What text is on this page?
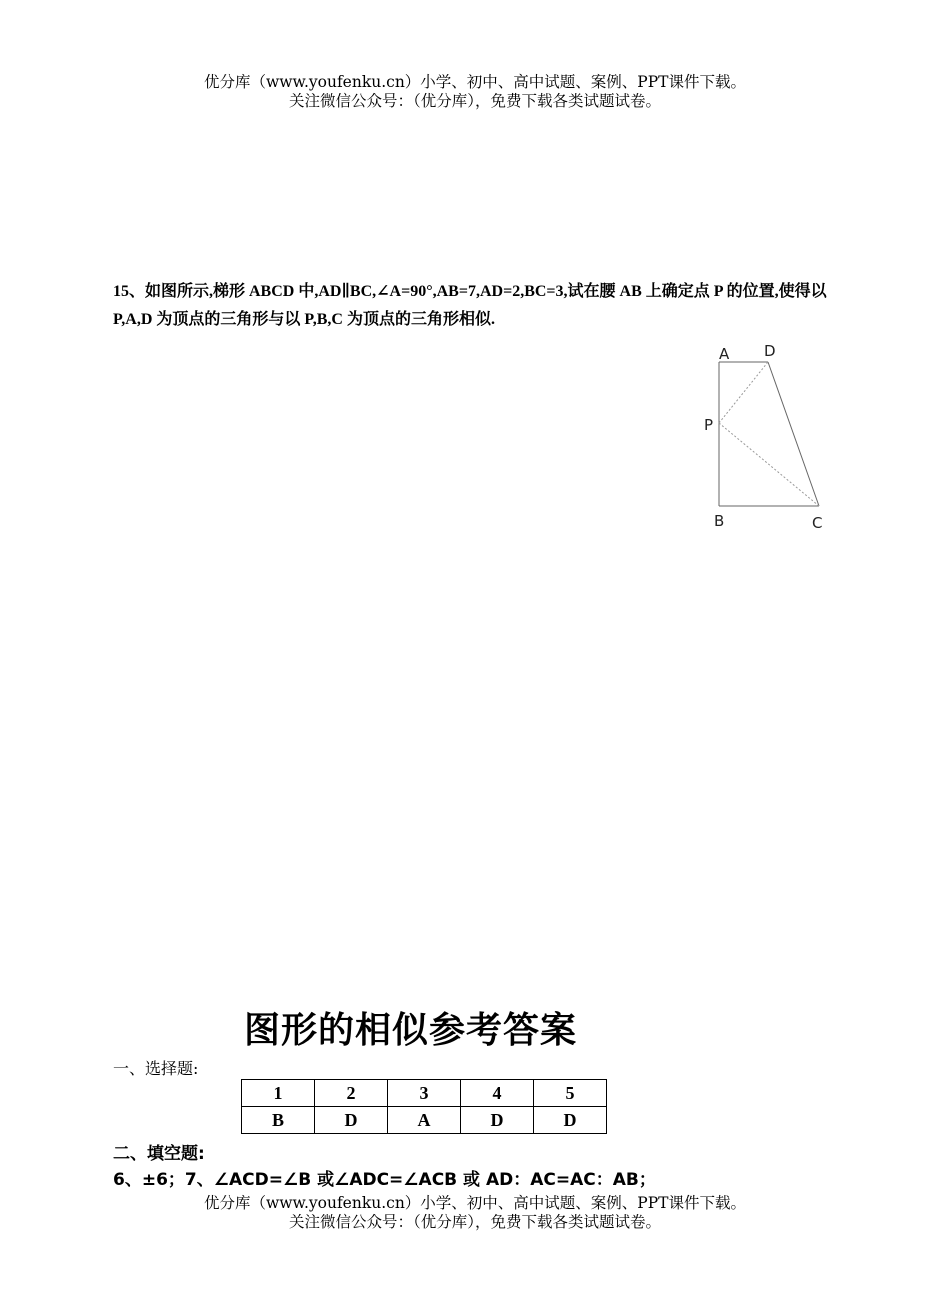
优分库（www.youfenku.cn）小学、初中、高中试题、案例、PPT课件下载。
关注微信公众号：（优分库），免费下载各类试题试卷。
15、如图所示,梯形 ABCD 中,AD∥BC,∠A=90°,AB=7,AD=2,BC=3,试在腰 AB 上确定点 P 的位置,使得以 P,A,D 为顶点的三角形与以 P,B,C 为顶点的三角形相似.
A D
P
B	C
图形的相似参考答案
一、选择题:
1	2	3	4	5
B	D	A	D	D
二、填空题:
6、±6；7、∠ACD=∠B 或∠ADC=∠ACB 或 AD：AC=AC：AB；
优分库（www.youfenku.cn）小学、初中、高中试题、案例、PPT课件下载。
关注微信公众号：（优分库），免费下载各类试题试卷。
